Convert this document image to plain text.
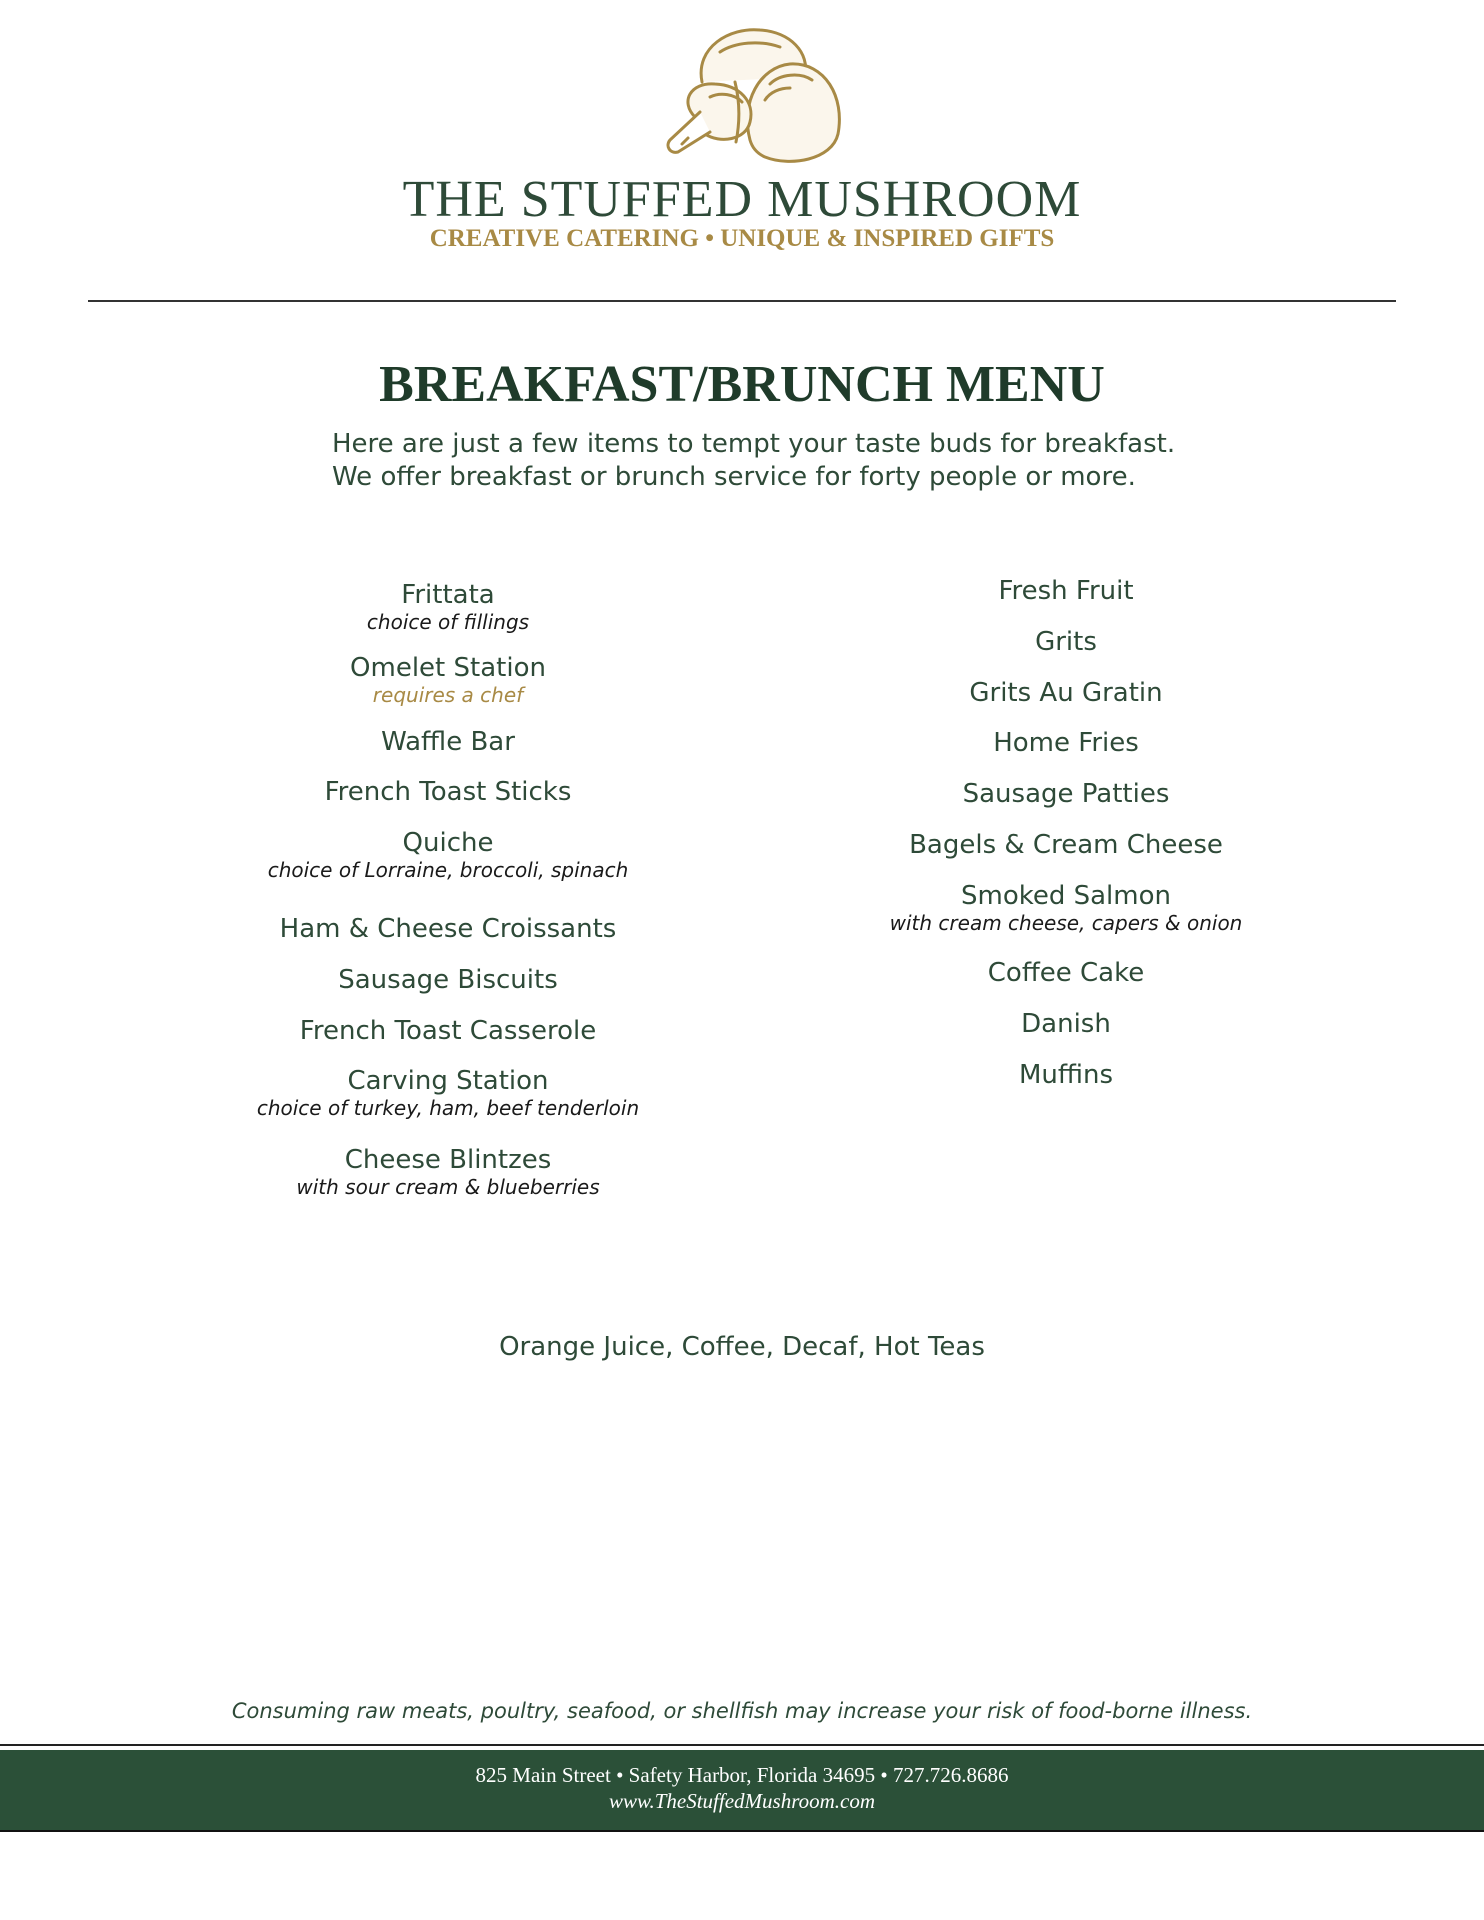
THE STUFFED MUSHROOM
CREATIVE CATERING • UNIQUE & INSPIRED GIFTS
BREAKFAST/BRUNCH MENU
Here are just a few items to tempt your taste buds for breakfast.
We offer breakfast or brunch service for forty people or more.
Frittata
choice of fillings
Omelet Station
requires a chef
Waffle Bar
French Toast Sticks
Quiche
choice of Lorraine, broccoli, spinach
Ham & Cheese Croissants
Sausage Biscuits
French Toast Casserole
Carving Station
choice of turkey, ham, beef tenderloin
Cheese Blintzes
with sour cream & blueberries
Fresh Fruit
Grits
Grits Au Gratin
Home Fries
Sausage Patties
Bagels & Cream Cheese
Smoked Salmon
with cream cheese, capers & onion
Coffee Cake
Danish
Muffins
Orange Juice, Coffee, Decaf, Hot Teas
Consuming raw meats, poultry, seafood, or shellfish may increase your risk of food-borne illness.
825 Main Street • Safety Harbor, Florida 34695 • 727.726.8686
www.TheStuffedMushroom.com
